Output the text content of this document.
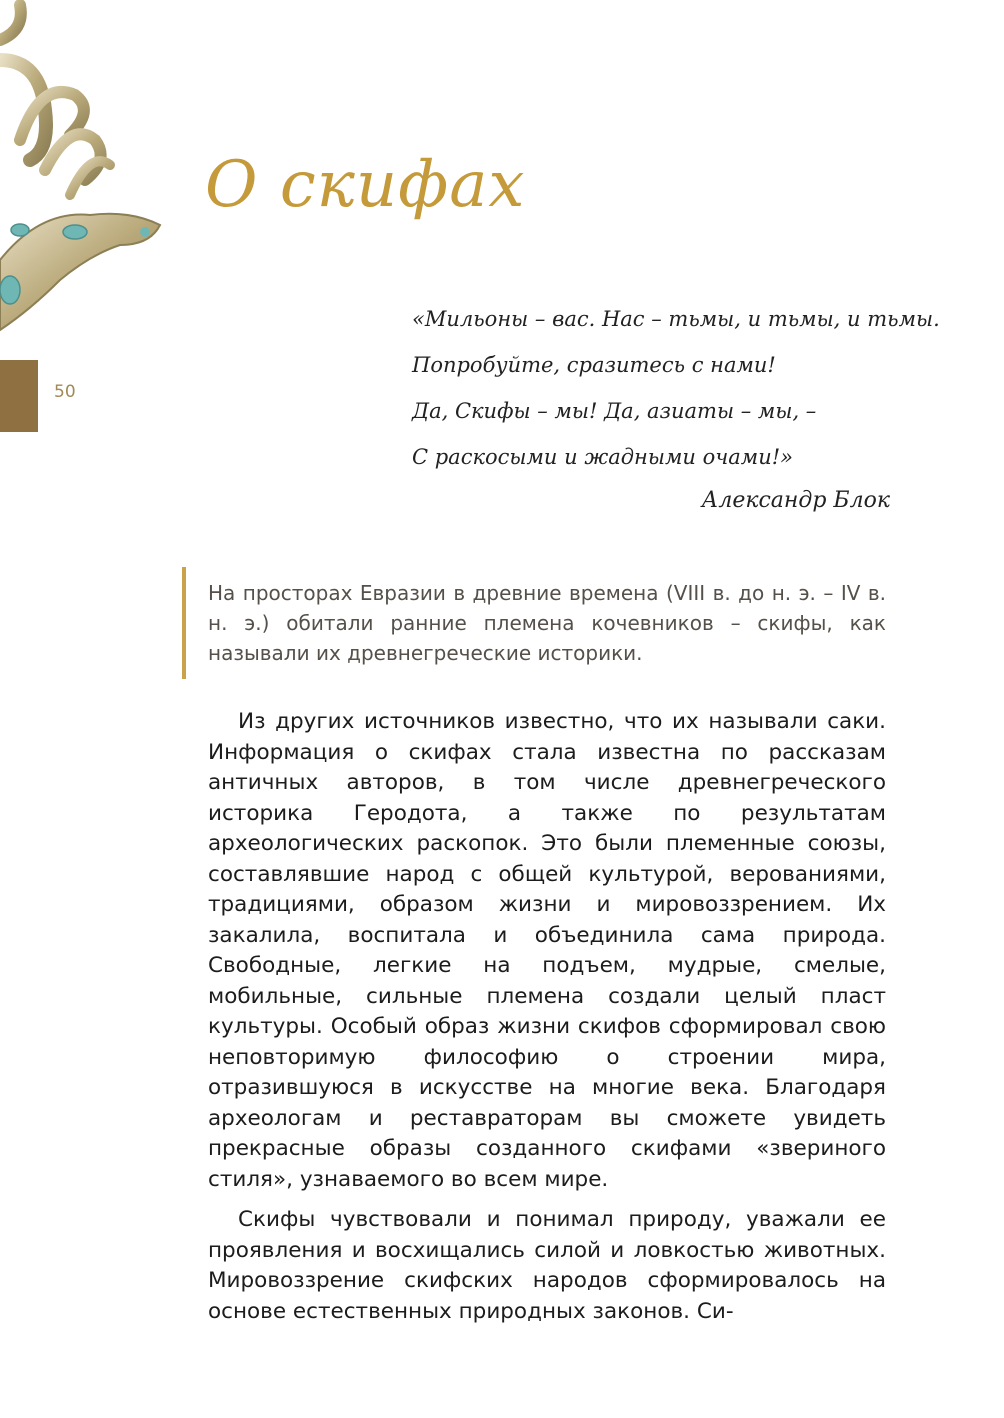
50
О скифах
«Мильоны – вас. Нас – тьмы, и тьмы, и тьмы.
Попробуйте, сразитесь с нами!
Да, Скифы – мы! Да, азиаты – мы, –
С раскосыми и жадными очами!»
Александр Блок

На просторах Евразии в древние времена (VIII в. до н. э. – IV в. н. э.) обитали ранние племена кочевников – скифы, как называли их древнегреческие историки.

Из других источников известно, что их называли саки. Информация о скифах стала известна по рассказам античных авторов, в том числе древнегреческого историка Геродота, а также по результатам археологических раскопок. Это были племенные союзы, составлявшие народ с общей культурой, верованиями, традициями, образом жизни и мировоззрением. Их закалила, воспитала и объединила сама природа. Свободные, легкие на подъем, мудрые, смелые, мобильные, сильные племена создали целый пласт культуры. Особый образ жизни скифов сформировал свою неповторимую философию о строении мира, отразившуюся в искусстве на многие века. Благодаря археологам и реставраторам вы сможете увидеть прекрасные образы созданного скифами «звериного стиля», узнаваемого во всем мире.

Скифы чувствовали и понимал природу, уважали ее проявления и восхищались силой и ловкостью животных. Мировоззрение скифских народов сформировалось на основе естественных природных законов. Си-
